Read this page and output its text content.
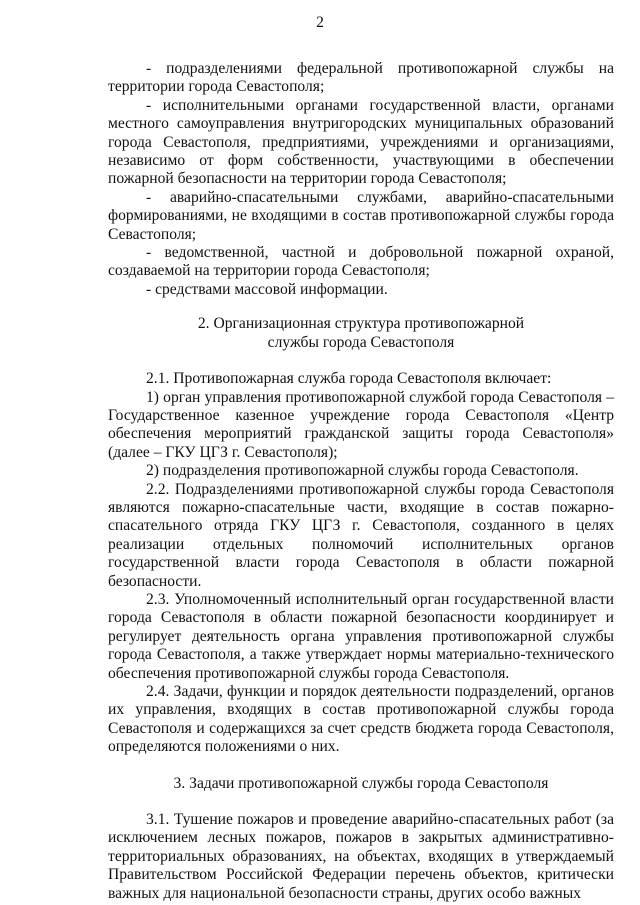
2

- подразделениями федеральной противопожарной службы на территории города Севастополя;

- исполнительными органами государственной власти, органами местного самоуправления внутригородских муниципальных образований города Севастополя, предприятиями, учреждениями и организациями, независимо от форм собственности, участвующими в обеспечении пожарной безопасности на территории города Севастополя;

- аварийно-спасательными службами, аварийно-спасательными формированиями, не входящими в состав противопожарной службы города Севастополя;

- ведомственной, частной и добровольной пожарной охраной, создаваемой на территории города Севастополя;

- средствами массовой информации.

2. Организационная структура противопожарной

службы города Севастополя

2.1. Противопожарная служба города Севастополя включает:

1) орган управления противопожарной службой города Севастополя – Государственное казенное учреждение города Севастополя «Центр обеспечения мероприятий гражданской защиты города Севастополя» (далее – ГКУ ЦГЗ г. Севастополя);

2) подразделения противопожарной службы города Севастополя.

2.2. Подразделениями противопожарной службы города Севастополя являются пожарно-спасательные части, входящие в состав пожарно-спасательного отряда ГКУ ЦГЗ г. Севастополя, созданного в целях реализации отдельных полномочий исполнительных органов государственной власти города Севастополя в области пожарной безопасности.

2.3. Уполномоченный исполнительный орган государственной власти города Севастополя в области пожарной безопасности координирует и регулирует деятельность органа управления противопожарной службы города Севастополя, а также утверждает нормы материально-технического обеспечения противопожарной службы города Севастополя.

2.4. Задачи, функции и порядок деятельности подразделений, органов их управления, входящих в состав противопожарной службы города Севастополя и содержащихся за счет средств бюджета города Севастополя, определяются положениями о них.

3. Задачи противопожарной службы города Севастополя

3.1. Тушение пожаров и проведение аварийно-спасательных работ (за исключением лесных пожаров, пожаров в закрытых административно-территориальных образованиях, на объектах, входящих в утверждаемый Правительством Российской Федерации перечень объектов, критически важных для национальной безопасности страны, других особо важных
